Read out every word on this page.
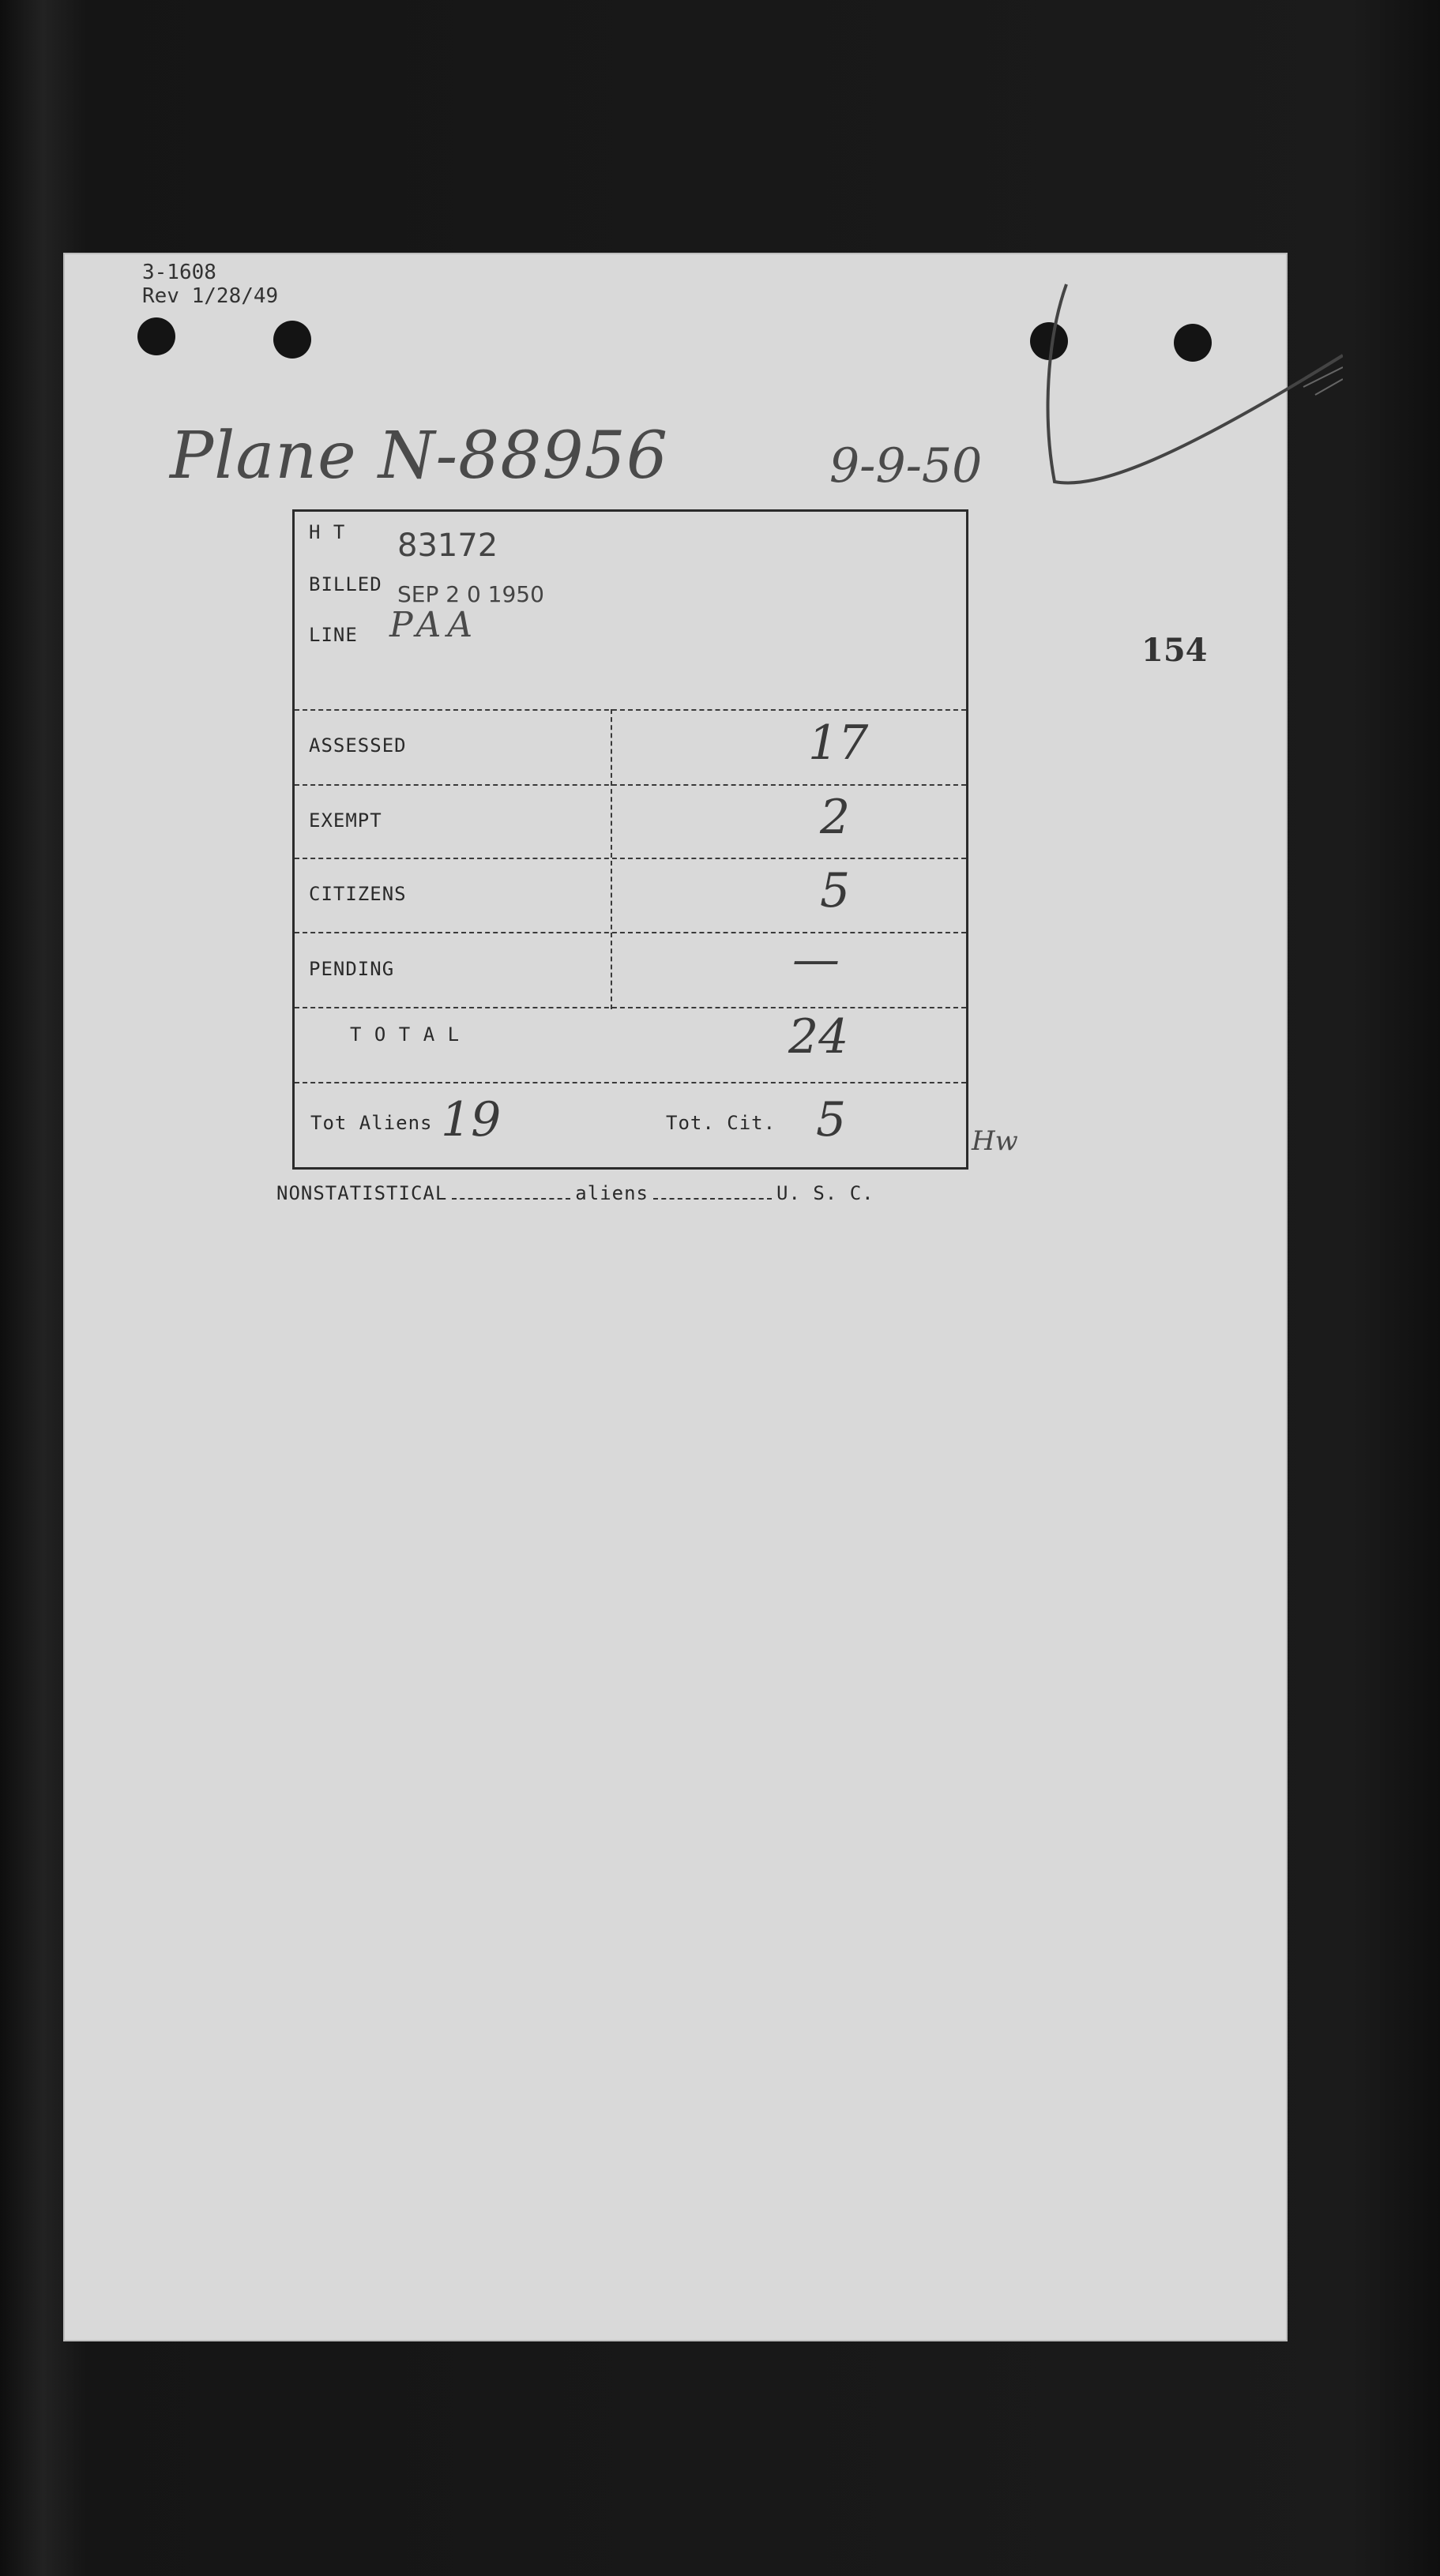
3-1608
Rev 1/28/49
Plane N-88956	9-9-50
154
H T 83172
BILLED SEP 2 0 1950
LINE PAA
ASSESSED	17
EXEMPT	2
CITIZENS	5
PENDING	—
T O T A L	24
Tot Aliens 19	Tot. Cit. 5	Hw
NONSTATISTICAL	aliens	U. S. C.
